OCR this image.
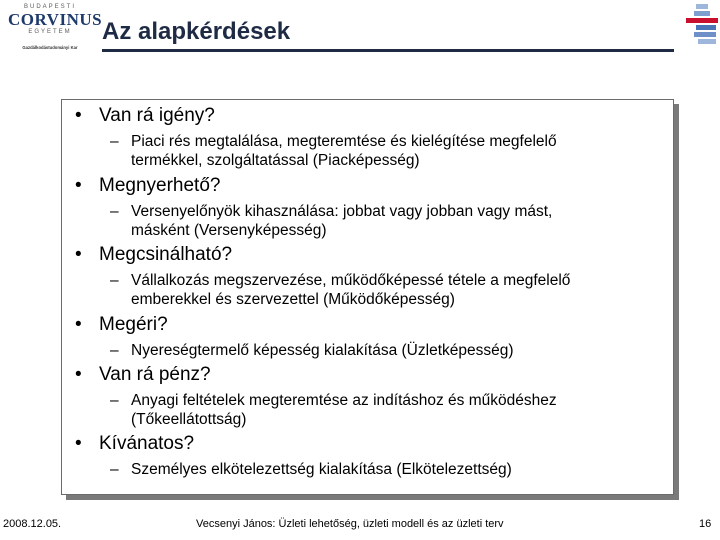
BUDAPESTI
CORVINUS
EGYETEM
Gazdálkodástudományi Kar
Az alapkérdések
• Van rá igény?
– Piaci rés megtalálása, megteremtése és kielégítése megfelelő
termékkel, szolgáltatással (Piacképesség)
• Megnyerhető?
– Versenyelőnyök kihasználása: jobbat vagy jobban vagy mást,
másként (Versenyképesség)
• Megcsinálható?
– Vállalkozás megszervezése, működőképessé tétele a megfelelő
emberekkel és szervezettel (Működőképesség)
• Megéri?
– Nyereségtermelő képesség kialakítása (Üzletképesség)
• Van rá pénz?
– Anyagi feltételek megteremtése az indításhoz és működéshez
(Tőkeellátottság)
• Kívánatos?
– Személyes elkötelezettség kialakítása (Elkötelezettség)
2008.12.05.	Vecsenyi János: Üzleti lehetőség, üzleti modell és az üzleti terv	16
